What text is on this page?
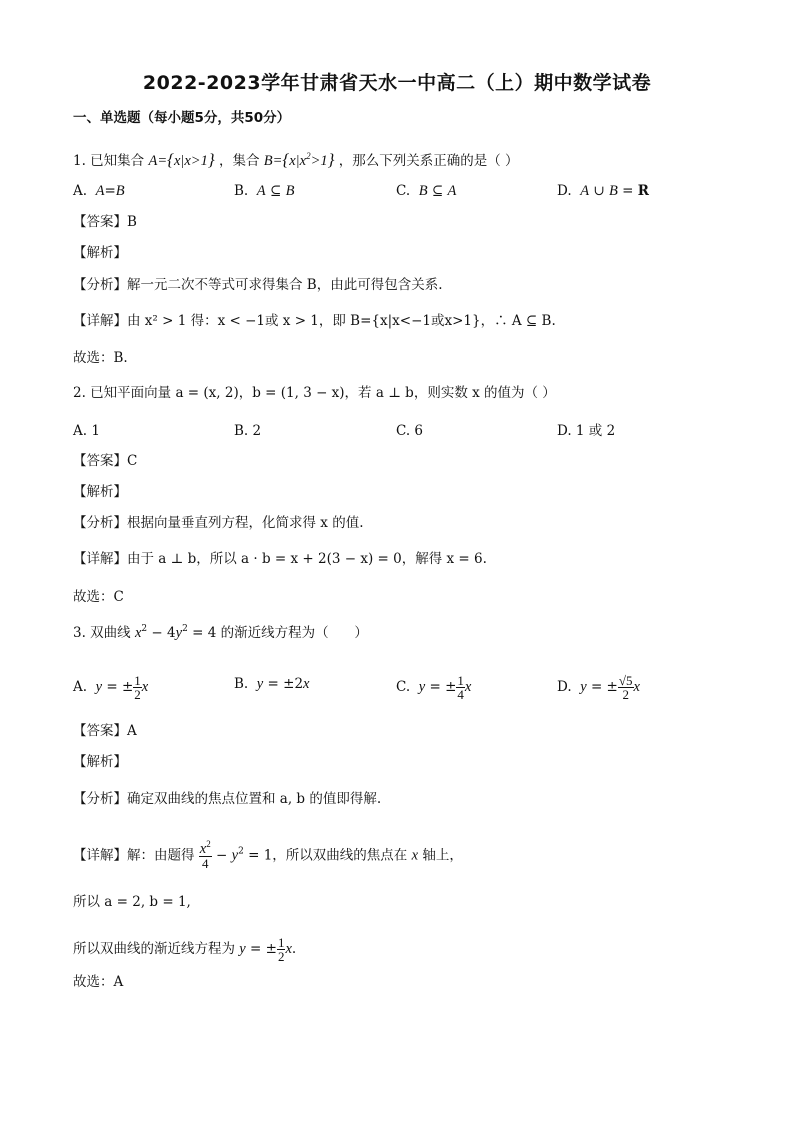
2022-2023学年甘肃省天水一中高二（上）期中数学试卷
一、单选题（每小题5分，共50分）
1. 已知集合 A={x|x>1} ，集合 $B=\{x|x^2>1\}$ ，那么下列关系正确的是（ ）
A.  A=B	B.  A ⊆ B	C.  B ⊆ A	D.  A ∪ B = R
【答案】B
【解析】
【分析】解一元二次不等式可求得集合 B，由此可得包含关系.
【详解】由 x² > 1 得：x < −1或 x > 1，即 B={x|x<−1或x>1}，∴ A ⊆ B.
故选：B.
2. 已知平面向量 a = (x, 2)，b = (1, 3 − x)，若 a ⊥ b，则实数 x 的值为（ ）
A. 1	B. 2	C. 6	D. 1 或 2
【答案】C
【解析】
【分析】根据向量垂直列方程，化简求得 x 的值.
【详解】由于 a ⊥ b，所以 a · b = x + 2(3 − x) = 0，解得 x = 6.
故选：C
3. 双曲线 $x^2 - 4y^2 = 4$ 的渐近线方程为（      ）
A.  y = ± $\frac{1}{2}$ x	B.  y = ±2x	C.  y = ± $\frac{1}{4}$ x	D.  y = ± $\frac{√5}{2}$ x
【答案】A
【解析】
【分析】确定双曲线的焦点位置和 a, b 的值即得解.
【详解】解：由题得 $\frac{x^2}{4} - y^2 = 1$，所以双曲线的焦点在 x 轴上，
所以 a = 2, b = 1,
所以双曲线的渐近线方程为 y = ± $\frac{1}{2} x$.
故选：A
